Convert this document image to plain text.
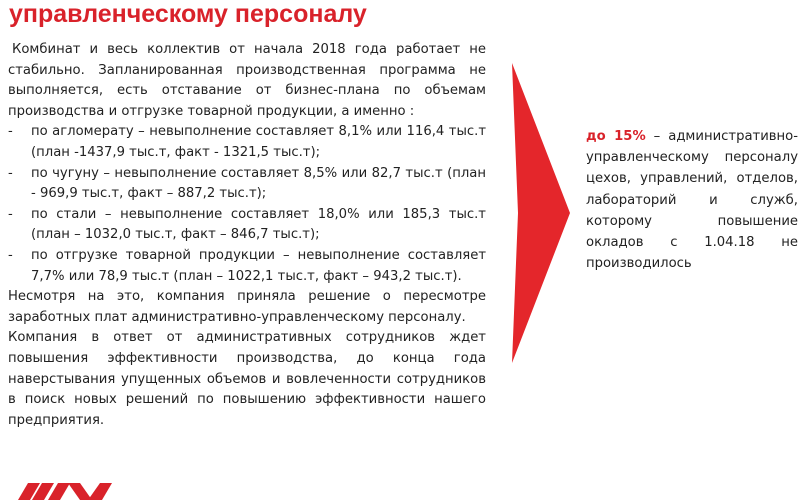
управленческому персоналу

Комбинат и весь коллектив от начала 2018 года работает не стабильно. Запланированная производственная программа не выполняется, есть отставание от бизнес-плана по объемам производства и отгрузке товарной продукции, а именно :

- по агломерату – невыполнение составляет 8,1% или 116,4 тыс.т (план -1437,9 тыс.т, факт - 1321,5 тыс.т);
- по чугуну – невыполнение составляет 8,5% или 82,7 тыс.т (план - 969,9 тыс.т, факт – 887,2 тыс.т);
- по стали – невыполнение составляет 18,0% или 185,3 тыс.т (план – 1032,0 тыс.т, факт – 846,7 тыс.т);
- по отгрузке товарной продукции – невыполнение составляет 7,7% или 78,9 тыс.т (план – 1022,1 тыс.т, факт – 943,2 тыс.т).

Несмотря на это, компания приняла решение о пересмотре заработных плат административно-управленческому персоналу.

Компания в ответ от административных сотрудников ждет повышения эффективности производства, до конца года наверстывания упущенных объемов и вовлеченности сотрудников в поиск новых решений по повышению эффективности нашего предприятия.

до 15% – административно-управленческому персоналу цехов, управлений, отделов, лабораторий и служб, которому повышение окладов с 1.04.18 не производилось
